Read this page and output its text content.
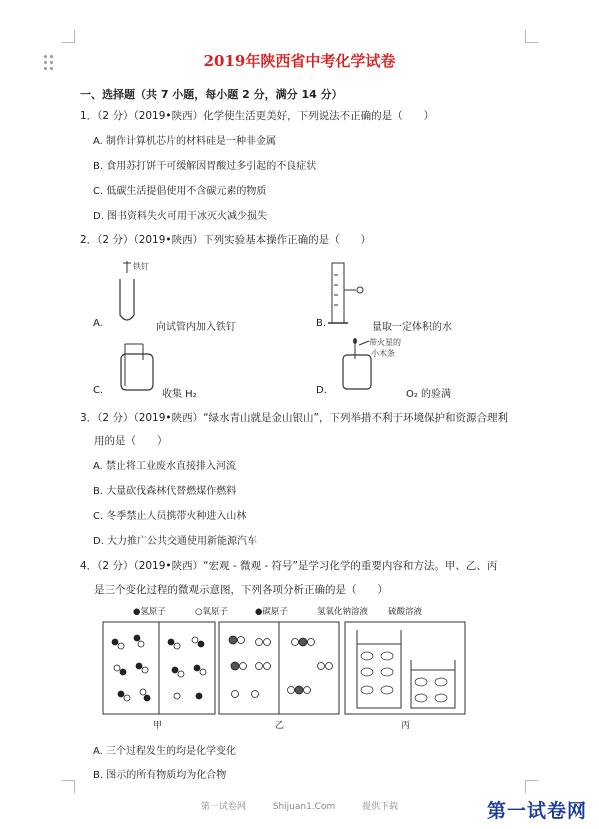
2019年陕西省中考化学试卷
一、选择题（共 7 小题，每小题 2 分，满分 14 分）
1．（2 分）（2019•陕西）化学使生活更美好，下列说法不正确的是（　　）
A. 制作计算机芯片的材料硅是一种非金属
B. 食用苏打饼干可缓解因胃酸过多引起的不良症状
C. 低碳生活提倡使用不含碳元素的物质
D. 图书资料失火可用干冰灭火减少损失
2．（2 分）（2019•陕西）下列实验基本操作正确的是（　　）
铁钉
A.	向试管内加入铁钉	B.	量取一定体积的水
C.	收集 H₂
带火星的
小木条
D.	O₂ 的验满
3．（2 分）（2019•陕西）“绿水青山就是金山银山”，下列举措不利于环境保护和资源合理利
用的是（　　）
A. 禁止将工业废水直接排入河流
B. 大量砍伐森林代替燃煤作燃料
C. 冬季禁止人员携带火种进入山林
D. 大力推广公共交通使用新能源汽车
4．（2 分）（2019•陕西）“宏观 - 微观 - 符号”是学习化学的重要内容和方法。甲、乙、丙
是三个变化过程的微观示意图，下列各项分析正确的是（　　）
●氢原子	○氧原子	●碳原子	氢氧化钠溶液 硫酸溶液
甲	乙	丙
A. 三个过程发生的均是化学变化
B. 图示的所有物质均为化合物
第一试卷网	Shijuan1.Com	提供下载	第一试卷网
